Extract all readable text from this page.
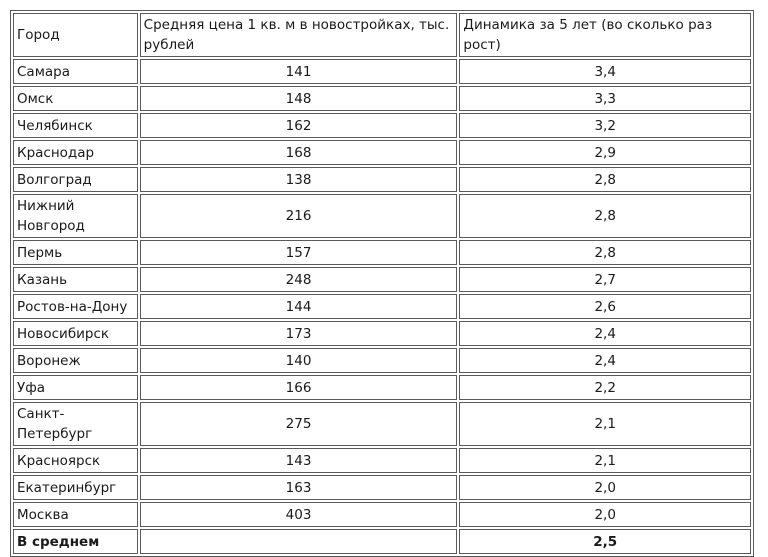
Город	Средняя цена 1 кв. м в новостройках, тыс. рублей	Динамика за 5 лет (во сколько раз рост)
Самара	141	3,4
Омск	148	3,3
Челябинск	162	3,2
Краснодар	168	2,9
Волгоград	138	2,8
Нижний Новгород	216	2,8
Пермь	157	2,8
Казань	248	2,7
Ростов-на-Дону	144	2,6
Новосибирск	173	2,4
Воронеж	140	2,4
Уфа	166	2,2
Санкт-Петербург	275	2,1
Красноярск	143	2,1
Екатеринбург	163	2,0
Москва	403	2,0
В среднем		2,5
